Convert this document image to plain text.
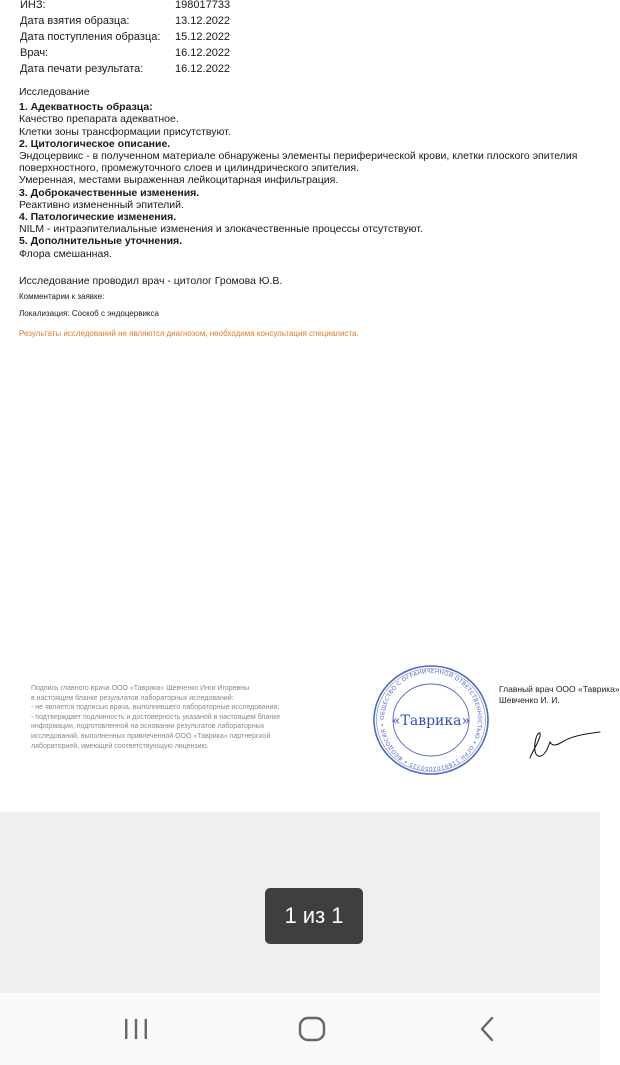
ИНЗ:	198017733
Дата взятия образца:	13.12.2022
Дата поступления образца:	15.12.2022
Врач:	16.12.2022
Дата печати результата:	16.12.2022
Исследование
1. Адекватность образца:
Качество препарата адекватное.
Клетки зоны трансформации присутствуют.
2. Цитологическое описание.
Эндоцервикс - в полученном материале обнаружены элементы периферической крови, клетки плоского эпителия
поверхностного, промежуточного слоев и цилиндрического эпителия.
Умеренная, местами выраженная лейкоцитарная инфильтрация.
3. Доброкачественные изменения.
Реактивно измененный эпителий.
4. Патологические изменения.
NILM - интраэпителиальные изменения и злокачественные процессы отсутствуют.
5. Дополнительные уточнения.
Флора смешанная.
Исследование проводил врач - цитолог Громова Ю.В.
Комментарии к заявке:
Локализация: Соскоб с эндоцервикса
Результаты исследований не являются диагнозом, необходима консультация специалиста.
Подпись главного врача ООО «Таврика» Шевченко Инги Игоревны
в настоящем бланке результатов лабораторных иследований:
- не является подписью врача, выполнившего лабораторные исследования;
- подтверждает подлинность и достоверность указаной в настоящем бланке
информации, подготовленной на основании результатов лабораторных
исследований, выполненных привлеченной ООО «Таврика» партнерской
лабораторией, имеющей соответствующую лицензию.
ОБЩЕСТВО С ОГРАНИЧЕННОЙ ОТВЕТСТВЕННОСТЬЮ • ОГРН 1169102050335 • ФЕОДОСИЯ • «Таврика»
Главный врач ООО «Таврика»
Шевченко И. И.
1 из 1
